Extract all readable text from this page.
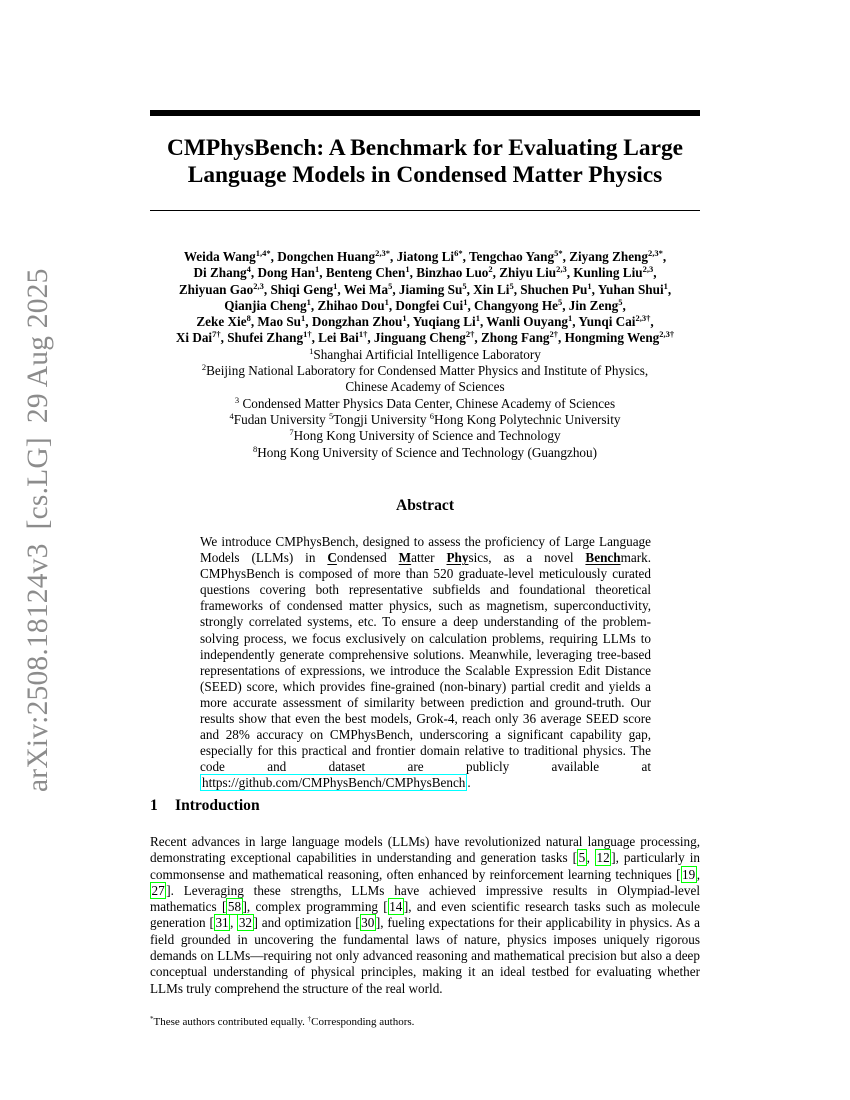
arXiv:2508.18124v3[cs.LG]29 Aug 2025
CMPhysBench: A Benchmark for Evaluating Large
Language Models in Condensed Matter Physics
Weida Wang$^{1,4*}$, Dongchen Huang$^{2,3*}$, Jiatong $Li^{6*}$, Tengchao Yang$^{5*}$, Ziyang Zheng$^{2,3*}$,
Di Zhang$^4$, Dong Han$^1$, Benteng Chen$^1$, Binzhao Luo$^2$, Zhiyu Liu$^{2,3}$, Kunling Liu$^{2,3}$,
Zhiyuan Gao$^{2,3}$, Shiqi Geng$^1$, Wei Ma$^5$, Jiaming Su$^5$, Xin Li$^5$, Shuchen Pu$^1$, Yuhan Shui$^1$,
Qianjia Cheng$^1$, Zhihao Dou$^1$, Dongfei Cui$^1$, Changyong He$^5$, Jin Zeng$^5$,
Zeke Xie$^8$, Mao Su$^1$, Dongzhan Zhou$^1$, Yuqiang Li$^1$, Wanli Ouyang$^1$, Yunqi Cai$^{2,3\dagger}$,
Xi Dai$^{7\dagger}$, Shufei Zhang$^{1\dagger}$, Lei Bai$^{1\dagger}$, Jinguang Cheng$^{2\dagger}$, Zhong Fang$^{2\dagger}$, Hongming Weng$^{2,3\dagger}$
$^1$Shanghai Artificial Intelligence Laboratory
$^2$Beijing National Laboratory for Condensed Matter Physics and Institute of Physics,
Chinese Academy of Sciences
$^3$ Condensed Matter Physics Data Center, Chinese Academy of Sciences
$^4$Fudan University $^5$Tongji University $^6$Hong Kong Polytechnic University
$^7$Hong Kong University of Science and Technology
$^8$Hong Kong University of Science and Technology (Guangzhou)
Abstract
We introduce CMPhysBench, designed to assess the proficiency of Large Language Models (LLMs) in Condensed Matter Physics, as a novel Benchmark. CMPhysBench is composed of more than 520 graduate-level meticulously curated questions covering both representative subfields and foundational theoretical frameworks of condensed matter physics, such as magnetism, superconductivity, strongly correlated systems, etc. To ensure a deep understanding of the problem-solving process, we focus exclusively on calculation problems, requiring LLMs to independently generate comprehensive solutions. Meanwhile, leveraging tree-based representations of expressions, we introduce the Scalable Expression Edit Distance (SEED) score, which provides fine-grained (non-binary) partial credit and yields a more accurate assessment of similarity between prediction and ground-truth. Our results show that even the best models, Grok-4, reach only 36 average SEED score and 28% accuracy on CMPhysBench, underscoring a significant capability gap, especially for this practical and frontier domain relative to traditional physics. The code and dataset are publicly available at https://github.com/CMPhysBench/CMPhysBench .
1 Introduction
Recent advances in large language models (LLMs) have revolutionized natural language processing, demonstrating exceptional capabilities in understanding and generation tasks [ 5 , 12 ], particularly in commonsense and mathematical reasoning, often enhanced by reinforcement learning techniques [ 19 , 27 ]. Leveraging these strengths, LLMs have achieved impressive results in Olympiad-level mathematics [ 58 ], complex programming [ 14 ], and even scientific research tasks such as molecule generation [ 31 , 32 ] and optimization [ 30 ], fueling expectations for their applicability in physics. As a field grounded in uncovering the fundamental laws of nature, physics imposes uniquely rigorous demands on LLMs—requiring not only advanced reasoning and mathematical precision but also a deep conceptual understanding of physical principles, making it an ideal testbed for evaluating whether LLMs truly comprehend the structure of the real world.
*These authors contributed equally. †Corresponding authors.
